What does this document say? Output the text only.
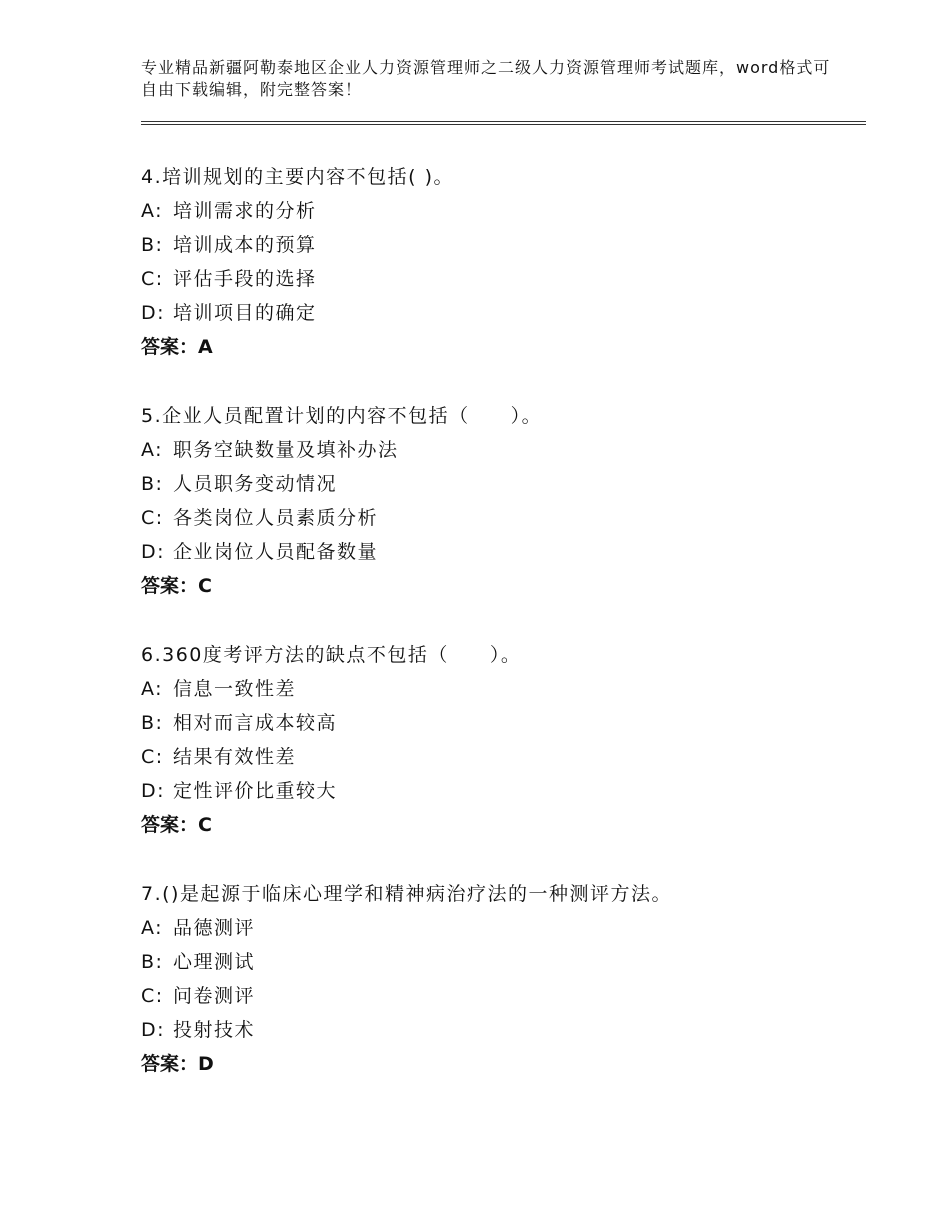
专业精品新疆阿勒泰地区企业人力资源管理师之二级人力资源管理师考试题库，word格式可自由下载编辑，附完整答案！
4.培训规划的主要内容不包括( )。
A: 培训需求的分析
B: 培训成本的预算
C: 评估手段的选择
D: 培训项目的确定
答案：A
5.企业人员配置计划的内容不包括（　　）。
A: 职务空缺数量及填补办法
B: 人员职务变动情况
C: 各类岗位人员素质分析
D: 企业岗位人员配备数量
答案：C
6.360度考评方法的缺点不包括（　　）。
A: 信息一致性差
B: 相对而言成本较高
C: 结果有效性差
D: 定性评价比重较大
答案：C
7.()是起源于临床心理学和精神病治疗法的一种测评方法。
A: 品德测评
B: 心理测试
C: 问卷测评
D: 投射技术
答案：D
